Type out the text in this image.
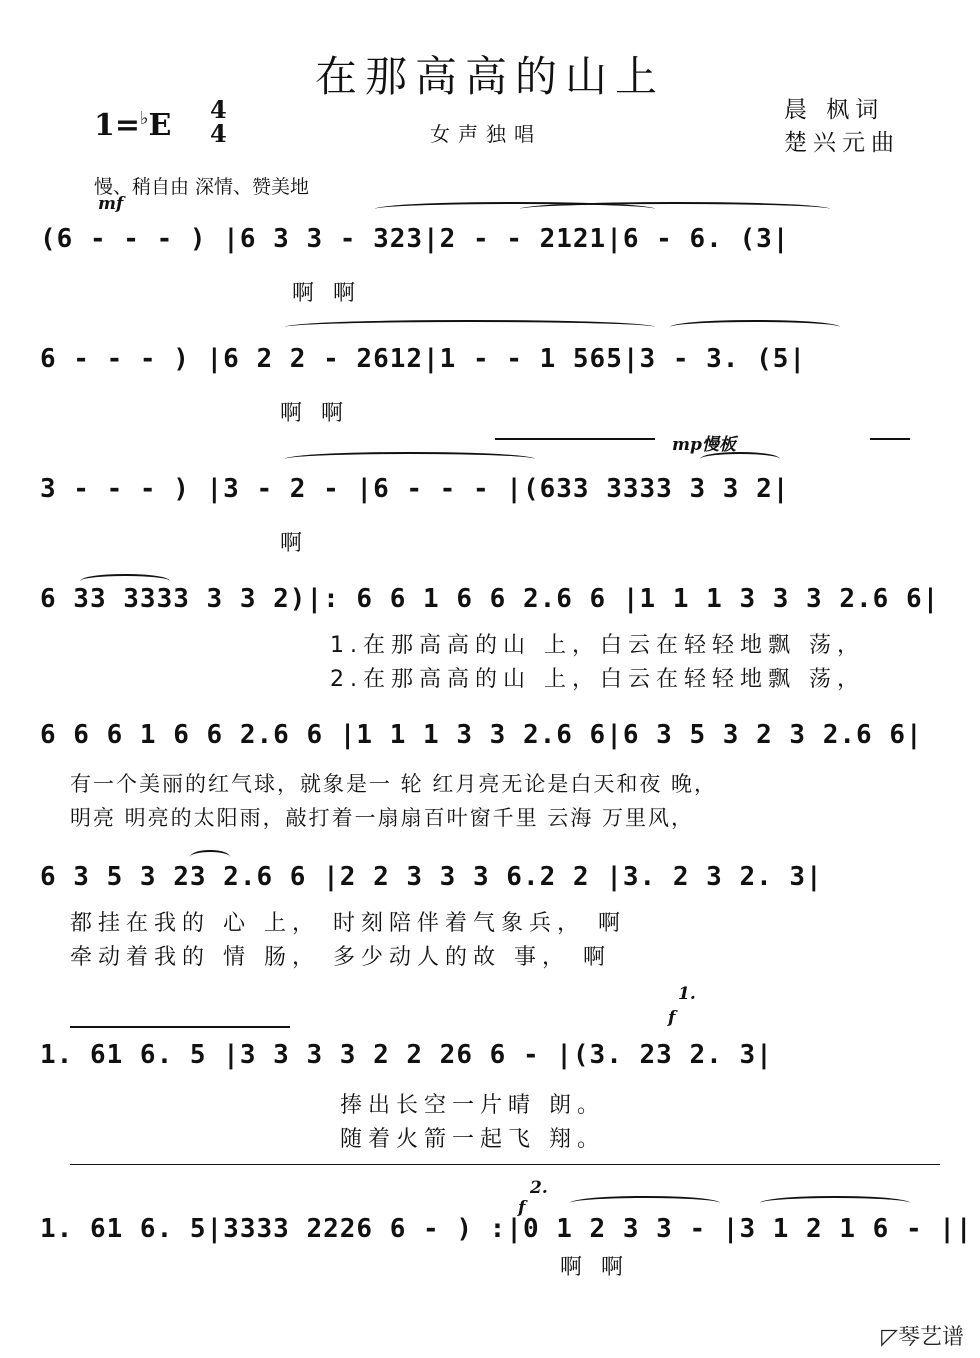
在那高高的山上
1=♭E 4
4	女声独唱
晨 枫词
楚兴元曲
慢、稍自由 深情、赞美地
mf
(6 - - - ) |6 3 3 - 323|2 - - 2121|6 - 6. (3|
啊 啊
6 - - - ) |6 2 2 - 2612|1 - - 1 565|3 - 3. (5|
啊 啊
mp慢板
3 - - - ) |3 - 2 - |6 - - - |(633 3333 3 3 2|
啊
6 33 3333 3 3 2)|: 6 6 1 6 6 2.6 6 |1 1 1 3 3 3 2.6 6|
1.在那高高的山 上，白云在轻轻地飘 荡，
2.在那高高的山 上，白云在轻轻地飘 荡，
6 6 6 1 6 6 2.6 6 |1 1 1 3 3 2.6 6|6 3 5 3 2 3 2.6 6|
有一个美丽的红气球，就象是一 轮 红月亮无论是白天和夜 晚，
明亮 明亮的太阳雨，敲打着一扇扇百叶窗千里 云海 万里风，
6 3 5 3 23 2.6 6 |2 2 3 3 3 6.2 2 |3. 2 3 2. 3|
都挂在我的 心 上， 时刻陪伴着气象兵， 啊
牵动着我的 情 肠， 多少动人的故 事， 啊
1.
f
1. 61 6. 5 |3 3 3 3 2 2 26 6 - |(3. 23 2. 3|
捧出长空一片晴 朗。
随着火箭一起飞 翔。
2.
f
1. 61 6. 5|3333 2226 6 - ) :|0 1 2 3 3 - |3 1 2 1 6 - ||
啊 啊
◸琴艺谱
